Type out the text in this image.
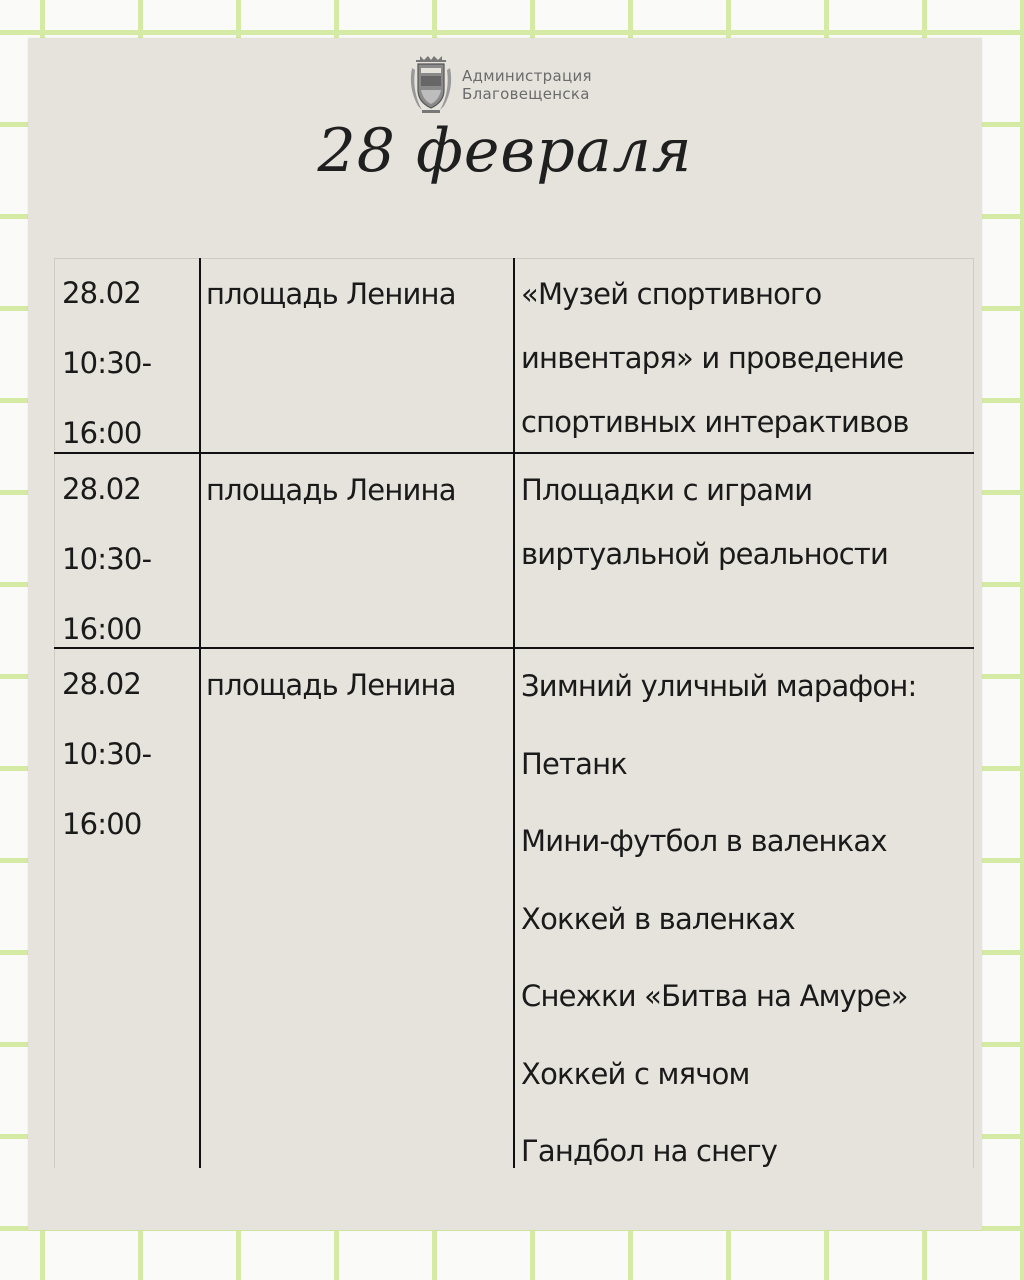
Администрация
Благовещенска
28 февраля
28.02
10:30-
16:00
площадь Ленина «Музей спортивного
инвентаря» и проведение
спортивных интерактивов
28.02
10:30-
16:00
площадь Ленина Площадки с играми
виртуальной реальности
28.02
10:30-
16:00
площадь Ленина Зимний уличный марафон:
Петанк
Мини-футбол в валенках
Хоккей в валенках
Снежки «Битва на Амуре»
Хоккей с мячом
Гандбол на снегу
